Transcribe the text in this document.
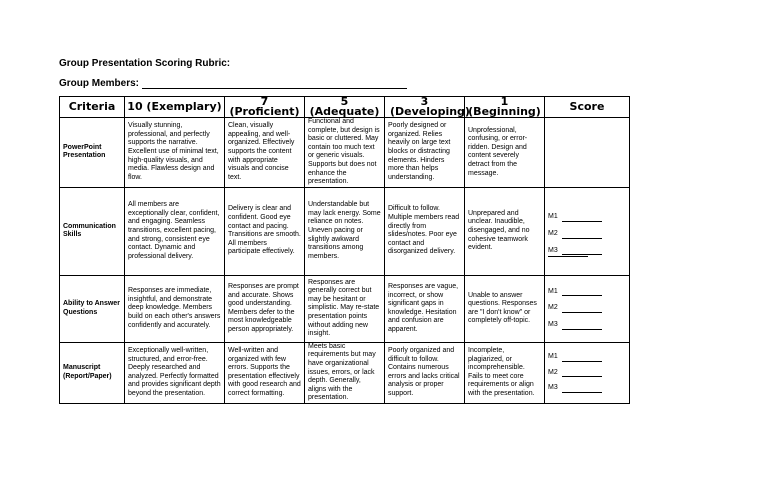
Group Presentation Scoring Rubric:
Group Members:
Criteria	10 (Exemplary)	7 (Proficient)	5 (Adequate)	3 (Developing)	1 (Beginning)	Score
PowerPoint Presentation	Visually stunning, professional, and perfectly supports the narrative. Excellent use of minimal text, high-quality visuals, and media. Flawless design and flow.	Clean, visually appealing, and well-organized. Effectively supports the content with appropriate visuals and concise text.	Functional and complete, but design is basic or cluttered. May contain too much text or generic visuals. Supports but does not enhance the presentation.	Poorly designed or organized. Relies heavily on large text blocks or distracting elements. Hinders more than helps understanding.	Unprofessional, confusing, or error-ridden. Design and content severely detract from the message.	
Communication Skills	All members are exceptionally clear, confident, and engaging. Seamless transitions, excellent pacing, and strong, consistent eye contact. Dynamic and professional delivery.	Delivery is clear and confident. Good eye contact and pacing. Transitions are smooth. All members participate effectively.	Understandable but may lack energy. Some reliance on notes. Uneven pacing or slightly awkward transitions among members.	Difficult to follow. Multiple members read directly from slides/notes. Poor eye contact and disorganized delivery.	Unprepared and unclear. Inaudible, disengaged, and no cohesive teamwork evident.	M1
M2
M3

Ability to Answer Questions	Responses are immediate, insightful, and demonstrate deep knowledge. Members build on each other's answers confidently and accurately.	Responses are prompt and accurate. Shows good understanding. Members defer to the most knowledgeable person appropriately.	Responses are generally correct but may be hesitant or simplistic. May re-state presentation points without adding new insight.	Responses are vague, incorrect, or show significant gaps in knowledge. Hesitation and confusion are apparent.	Unable to answer questions. Responses are "I don't know" or completely off-topic.	M1
M2
M3

Manuscript (Report/Paper)	Exceptionally well-written, structured, and error-free. Deeply researched and analyzed. Perfectly formatted and provides significant depth beyond the presentation.	Well-written and organized with few errors. Supports the presentation effectively with good research and correct formatting.	Meets basic requirements but may have organizational issues, errors, or lack depth. Generally, aligns with the presentation.	Poorly organized and difficult to follow. Contains numerous errors and lacks critical analysis or proper support.	Incomplete, plagiarized, or incomprehensible. Fails to meet core requirements or align with the presentation.	M1
M2
M3
